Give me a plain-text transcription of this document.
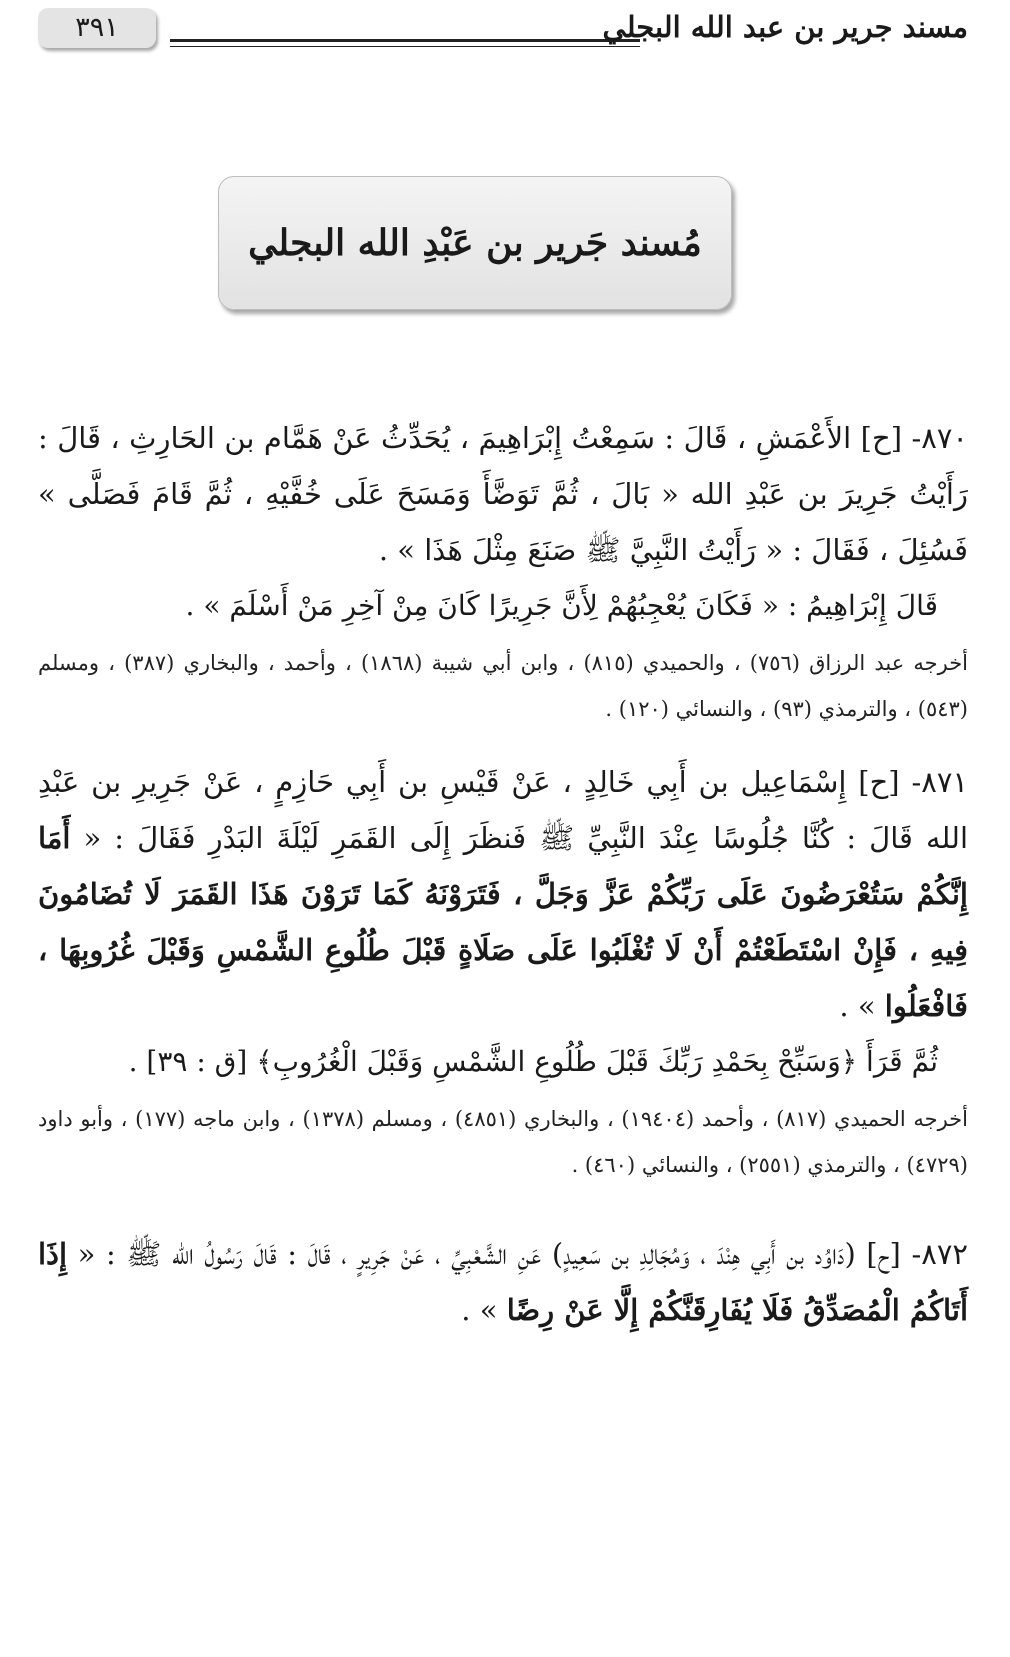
٣٩١	مسند جرير بن عبد الله البجلي
مُسند جَرير بن عَبْدِ الله البجلي

٨٧٠- [ح] الأَعْمَشِ ، قَالَ : سَمِعْتُ إِبْرَاهِيمَ ، يُحَدِّثُ عَنْ هَمَّام بن الحَارِثِ ، قَالَ : رَأَيْتُ جَرِيرَ بن عَبْدِ الله « بَالَ ، ثُمَّ تَوَضَّأَ وَمَسَحَ عَلَى خُفَّيْهِ ، ثُمَّ قَامَ فَصَلَّى » فَسُئِلَ ، فَقَالَ : « رَأَيْتُ النَّبِيَّ ﷺ صَنَعَ مِثْلَ هَذَا » .

قَالَ إِبْرَاهِيمُ : « فَكَانَ يُعْجِبُهُمْ لِأَنَّ جَرِيرًا كَانَ مِنْ آخِرِ مَنْ أَسْلَمَ » .

أخرجه عبد الرزاق (٧٥٦) ، والحميدي (٨١٥) ، وابن أبي شيبة (١٨٦٨) ، وأحمد ، والبخاري (٣٨٧) ، ومسلم (٥٤٣) ، والترمذي (٩٣) ، والنسائي (١٢٠) .

٨٧١- [ح] إِسْمَاعِيل بن أَبِي خَالِدٍ ، عَنْ قَيْسِ بن أَبِي حَازِمٍ ، عَنْ جَرِيرِ بن عَبْدِ الله قَالَ : كُنَّا جُلُوسًا عِنْدَ النَّبِيِّ ﷺ فَنظَرَ إِلَى القَمَرِ لَيْلَةَ البَدْرِ فَقَالَ : « أَمَا إِنَّكُمْ سَتُعْرَضُونَ عَلَى رَبِّكُمْ عَزَّ وَجَلَّ ، فَتَرَوْنَهُ كَمَا تَرَوْنَ هَذَا القَمَرَ لَا تُضَامُونَ فِيهِ ، فَإِنْ اسْتَطَعْتُمْ أَنْ لَا تُغْلَبُوا عَلَى صَلَاةٍ قَبْلَ طُلُوعِ الشَّمْسِ وَقَبْلَ غُرُوبِهَا ، فَافْعَلُوا » .

ثُمَّ قَرَأَ ﴿وَسَبِّحْ بِحَمْدِ رَبِّكَ قَبْلَ طُلُوعِ الشَّمْسِ وَقَبْلَ الْغُرُوبِ﴾ [ق : ٣٩] .

أخرجه الحميدي (٨١٧) ، وأحمد (١٩٤٠٤) ، والبخاري (٤٨٥١) ، ومسلم (١٣٧٨) ، وابن ماجه (١٧٧) ، وأبو داود (٤٧٢٩) ، والترمذي (٢٥٥١) ، والنسائي (٤٦٠) .

٨٧٢- [ح] (دَاوُد بن أَبِي هِنْدَ ، وَمُجَالِدِ بن سَعِيدٍ) عَنِ الشَّعْبِيِّ ، عَنْ جَرِيرٍ ، قَالَ : قَالَ رَسُولُ الله ﷺ : « إِذَا أَتَاكُمُ الْمُصَدِّقُ فَلَا يُفَارِقَنَّكُمْ إِلَّا عَنْ رِضًا » .
